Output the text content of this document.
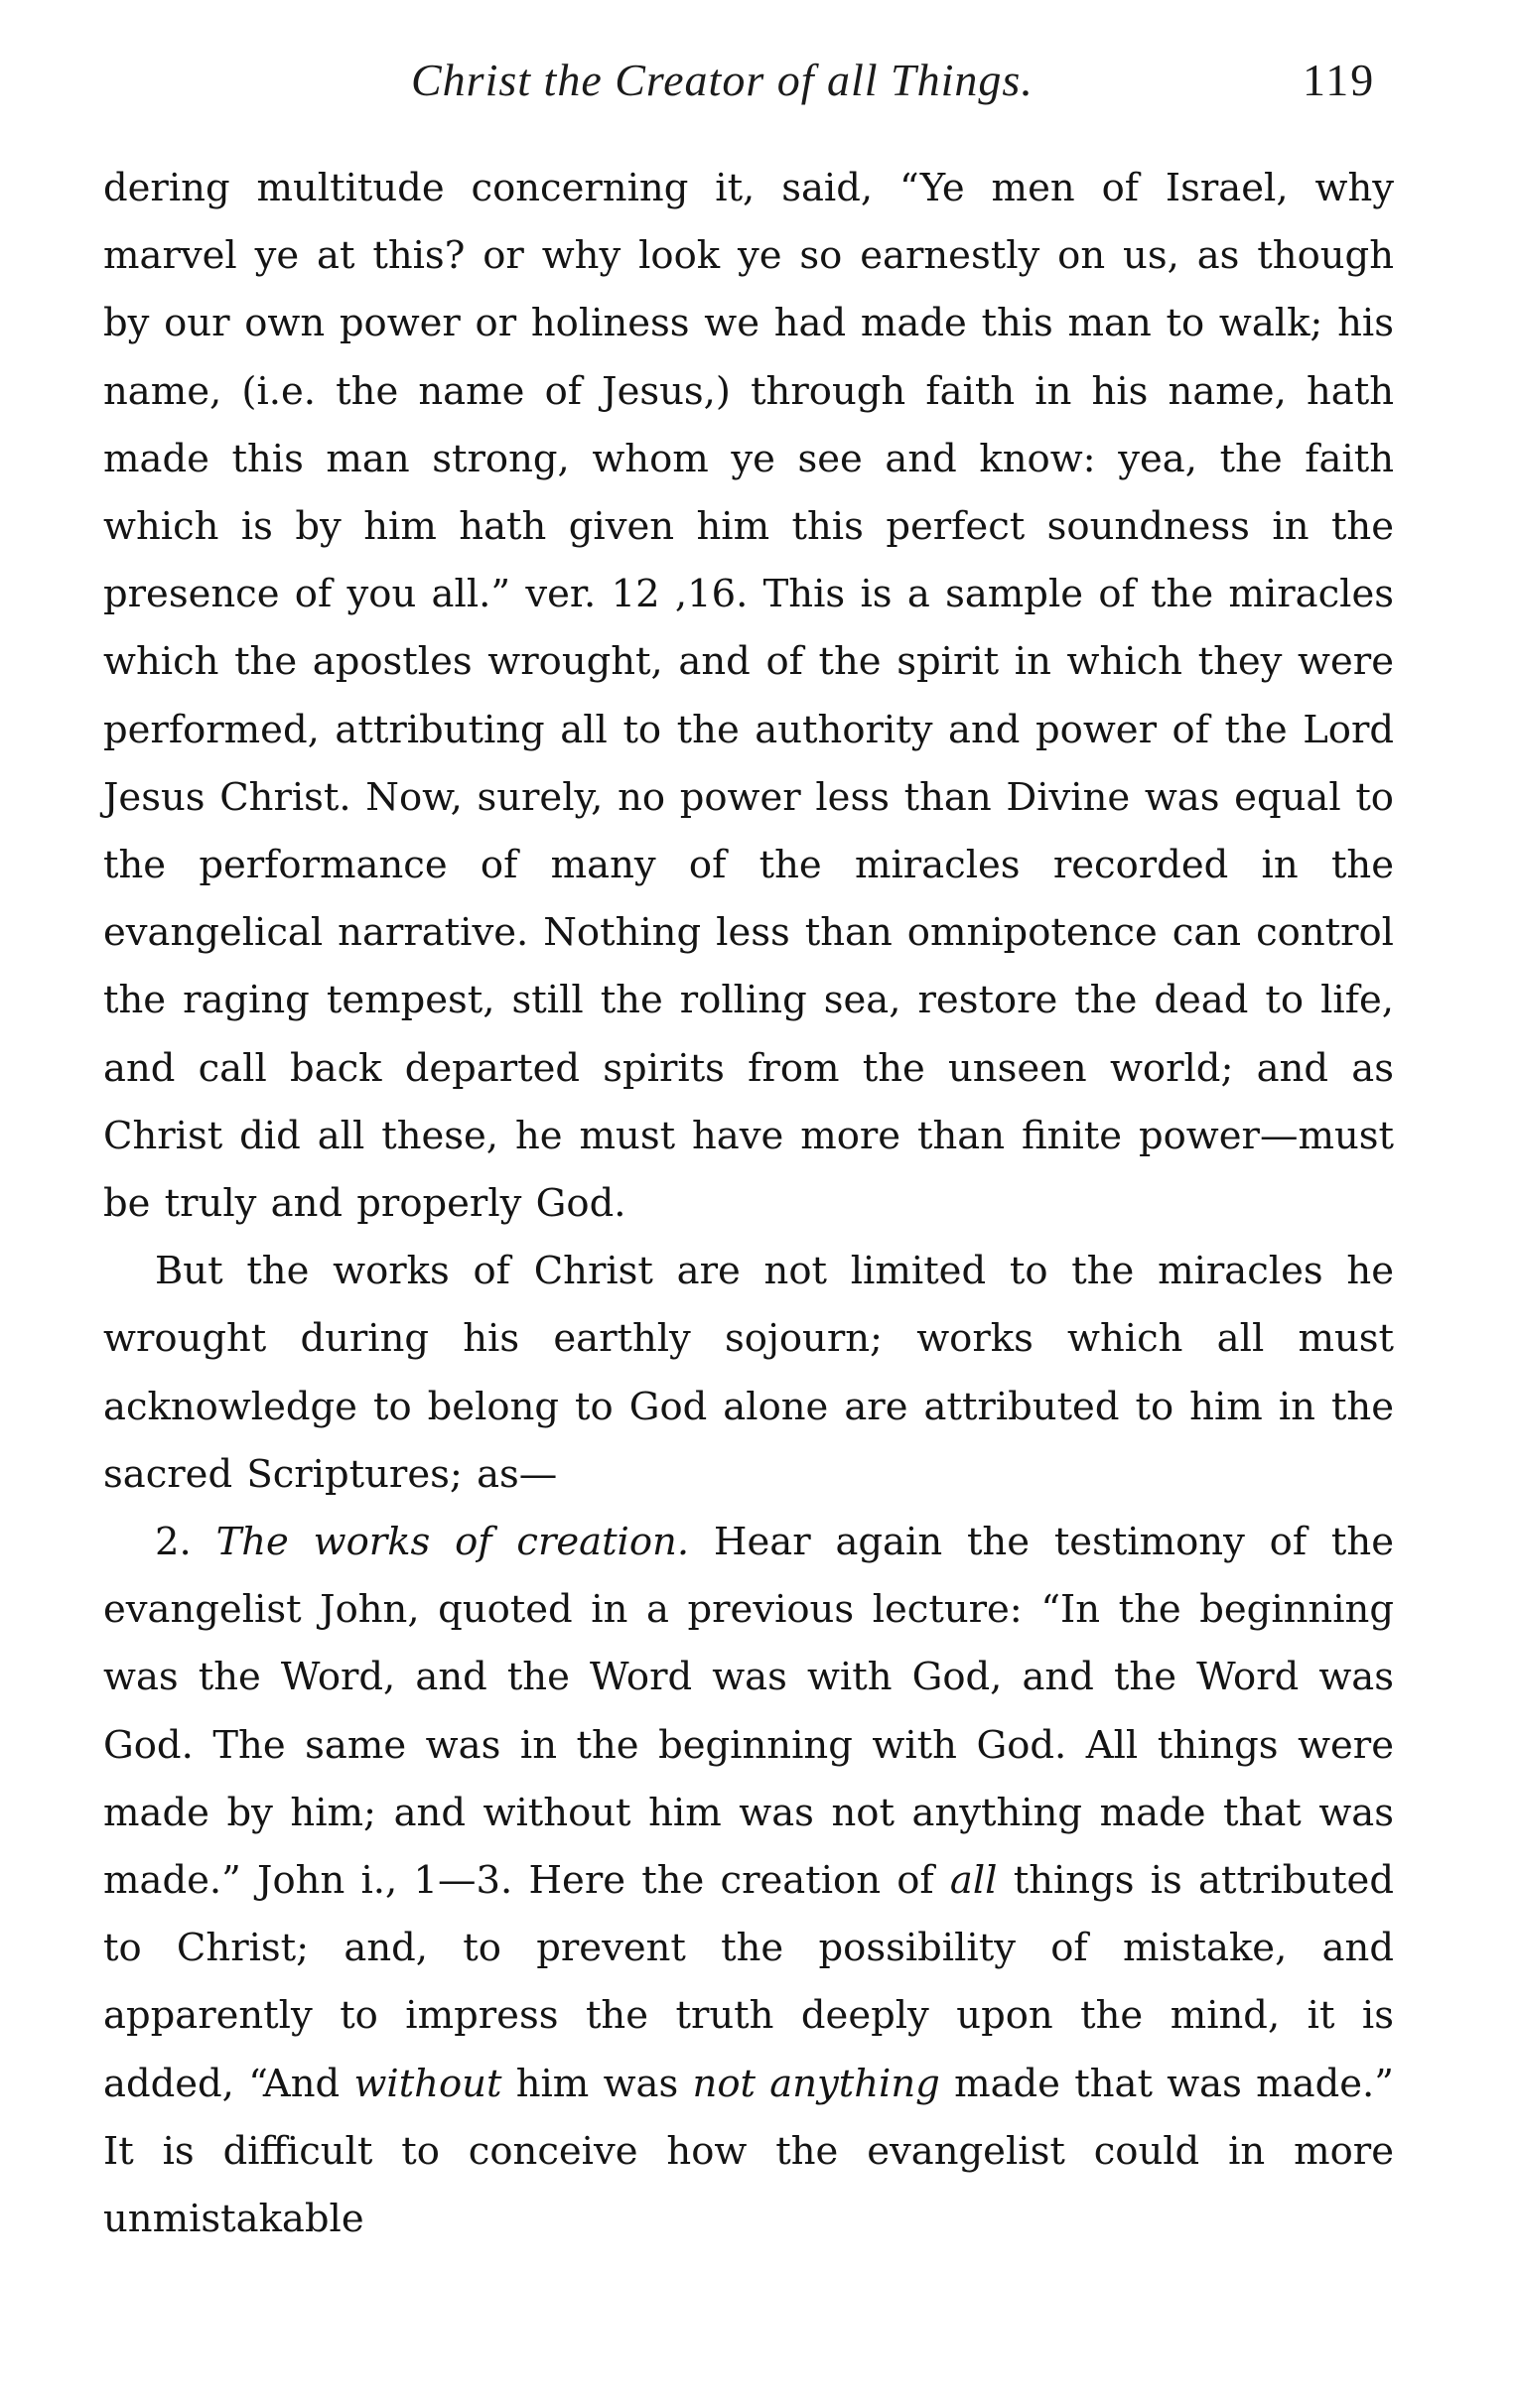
Christ the Creator of all Things.	119

dering multitude concerning it, said, “Ye men of Israel, why marvel ye at this? or why look ye so earnestly on us, as though by our own power or holiness we had made this man to walk; his name, (i.e. the name of Jesus,) through faith in his name, hath made this man strong, whom ye see and know: yea, the faith which is by him hath given him this perfect soundness in the presence of you all.” ver. 12 ,16. This is a sample of the miracles which the apostles wrought, and of the spirit in which they were performed, attributing all to the authority and power of the Lord Jesus Christ. Now, surely, no power less than Divine was equal to the performance of many of the miracles recorded in the evangelical narrative. Nothing less than omnipotence can control the raging tempest, still the rolling sea, restore the dead to life, and call back departed spirits from the unseen world; and as Christ did all these, he must have more than finite power—must be truly and properly God.

But the works of Christ are not limited to the miracles he wrought during his earthly sojourn; works which all must acknowledge to belong to God alone are attributed to him in the sacred Scriptures; as—

2. The works of creation. Hear again the testimony of the evangelist John, quoted in a previous lecture: “In the beginning was the Word, and the Word was with God, and the Word was God. The same was in the beginning with God. All things were made by him; and without him was not anything made that was made.” John i., 1—3. Here the creation of all things is attributed to Christ; and, to prevent the possibility of mistake, and apparently to impress the truth deeply upon the mind, it is added, “And without him was not anything made that was made.” It is difficult to conceive how the evangelist could in more unmistakable
